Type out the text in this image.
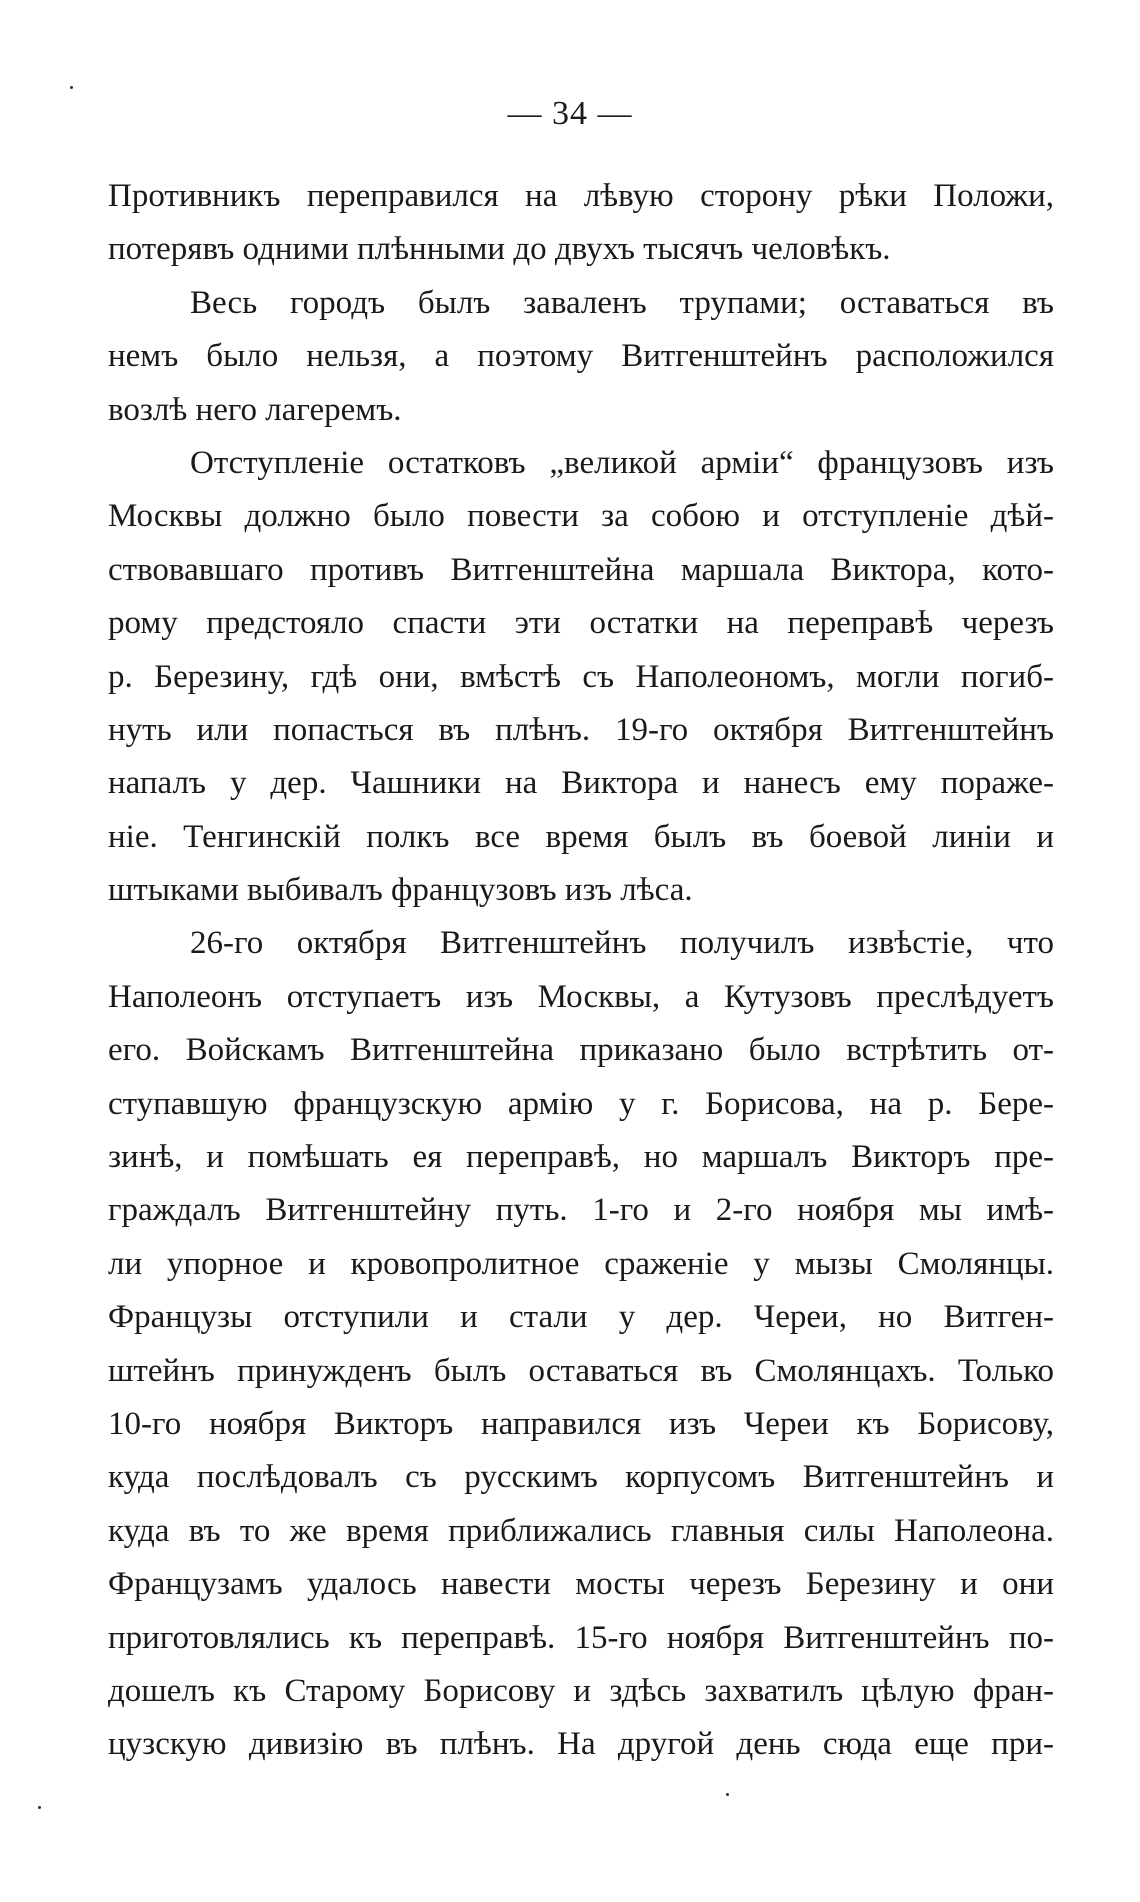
— 34 —
Противникъ переправился на лѣвую сторону рѣки Положи,
потерявъ одними плѣнными до двухъ тысячъ человѣкъ.
Весь городъ былъ заваленъ трупами; оставаться въ
немъ было нельзя, а поэтому Витгенштейнъ расположился
возлѣ него лагеремъ.
Отступленіе остатковъ „великой арміи“ французовъ изъ
Москвы должно было повести за собою и отступленіе дѣй-
ствовавшаго противъ Витгенштейна маршала Виктора, кото-
рому предстояло спасти эти остатки на переправѣ черезъ
р. Березину, гдѣ они, вмѣстѣ съ Наполеономъ, могли погиб-
нуть или попасться въ плѣнъ. 19-го октября Витгенштейнъ
напалъ у дер. Чашники на Виктора и нанесъ ему пораже-
ніе. Тенгинскій полкъ все время былъ въ боевой линіи и
штыками выбивалъ французовъ изъ лѣса.
26-го октября Витгенштейнъ получилъ извѣстіе, что
Наполеонъ отступаетъ изъ Москвы, а Кутузовъ преслѣдуетъ
его. Войскамъ Витгенштейна приказано было встрѣтить от-
ступавшую французскую армію у г. Борисова, на р. Бере-
зинѣ, и помѣшать ея переправѣ, но маршалъ Викторъ пре-
граждалъ Витгенштейну путь. 1-го и 2-го ноября мы имѣ-
ли упорное и кровопролитное сраженіе у мызы Смолянцы.
Французы отступили и стали у дер. Череи, но Витген-
штейнъ принужденъ былъ оставаться въ Смолянцахъ. Только
10-го ноября Викторъ направился изъ Череи къ Борисову,
куда послѣдовалъ съ русскимъ корпусомъ Витгенштейнъ и
куда въ то же время приближались главныя силы Наполеона.
Французамъ удалось навести мосты черезъ Березину и они
приготовлялись къ переправѣ. 15-го ноября Витгенштейнъ по-
дошелъ къ Старому Борисову и здѣсь захватилъ цѣлую фран-
цузскую дивизію въ плѣнъ. На другой день сюда еще при-
